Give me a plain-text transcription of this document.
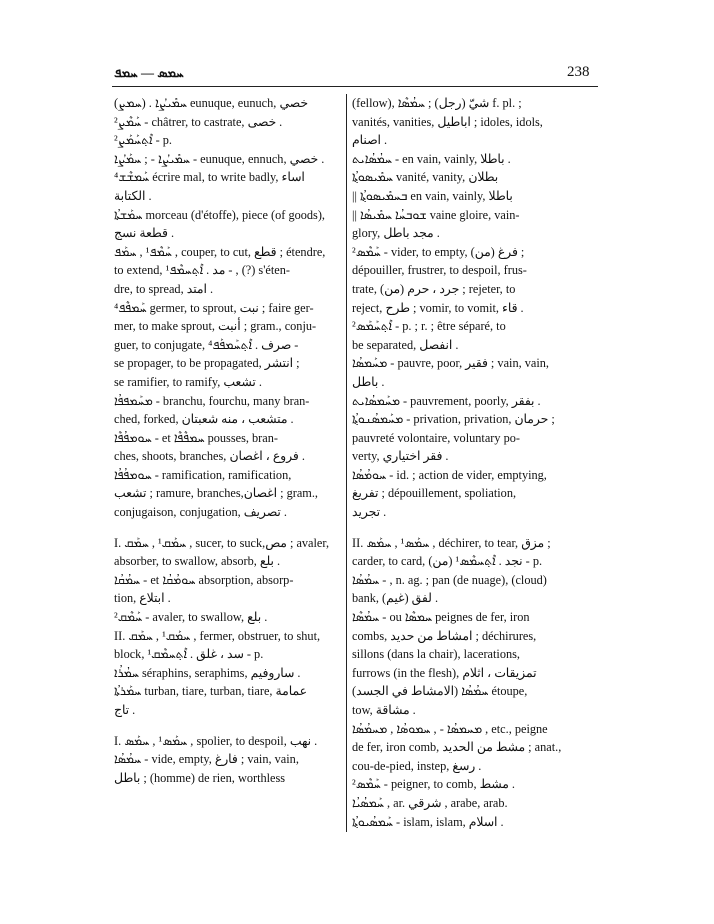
ܚܡܣ — ܚܡܦ	238
(ܚܡܨ) . ܚܡܺܝܨܳܐ eunuque, eunuch, خصي
ܚܰܡܶܨ² - châtrer, to castrate, خصى .
ܐܶܬ݂ܚܰܡܰܨ² - p.
ܚܡܺܝܨܳܐ - ; ܚܡܰܨܳܐ - eunuque, ennuch, خصي .
ܚܰܡܫܶܫ⁴ écrire mal, to write badly, اساء
الكتابة .
ܚܡܰܫܬܳܐ morceau (d'étoffe), piece (of goods),
قطعة نسج .
ܚܰܡܶܦ¹ , ܚܡܰܦ , couper, to cut, قطع ; étendre,
to extend, مد . ܐܶܬ݂ܚܡܶܦ¹ - , (?) s'éten-
dre, to spread, امتد .
ܚܰܡܦܶܦ⁴ germer, to sprout, نبت ; faire ger-
mer, to make sprout, أنبت ; gram., conju-
guer, to conjugate, صرف . ܐܶܬ݂ܚܰܡܦܰܦ⁴ -
se propager, to be propagated, انتشر ;
se ramifier, to ramify, تشعب .
ܡܚܰܡܦܦܳܐ - branchu, fourchu, many bran-
ched, forked, متشعب ، منه شعبتان .
ܚܘܡܦܳܦܶܐ - et ܚܡܦܶܦܶܐ pousses, bran-
ches, shoots, branches, فروع ، اغصان .
ܚܘܡܦܳܦܳܐ - ramification, ramification,
تشعب ; ramure, branches,اغصان ; gram.,
conjugaison, conjugation, تصريف .
I. ܚܡܰܩ¹ , ܚܡܰܩ , sucer, to suck,مص ; avaler,
absorber, to swallow, absorb, بلع .
ܚܡܳܩܳܐ - et ܚܘܡܳܩܳܐ absorption, absorp-
tion, ابتلاع .
ܚܰܡܶܩ² - avaler, to swallow, بلع .
II. ܚܡܰܩ¹ , ܚܡܰܩ , fermer, obstruer, to shut,
block, سد ، غلق . ܐܶܬ݂ܚܡܶܩ¹ - p.
ܚܡܳܪܳܐ séraphins, seraphims, ساروفيم .
ܚܡܰܪܬܳܐ turban, tiare, turban, tiare, عمامة
تاج .
I. ܚܡܰܣ¹ , ܚܡܰܣ , spolier, to despoil, نهب .
ܚܡܳܣܳܐ - vide, empty, فارغ ; vain, vain,
باطل ; (homme) de rien, worthless
(fellow), شيّ (رجل) ; ܚܡܳܣܶܐ f. pl. ;
vanités, vanities, اباطيل ; idoles, idols,
اصنام .
ܚܡܳܣܳܐܝܬ - en vain, vainly, باطلا .
ܚܡܺܝܣܘܬ݂ܳܐ vanité, vanity, بطلان
|| ܒܚܡܺܝܣܘܬ݂ܳܐ en vain, vainly, باطلا
|| ܫܘܒܚܳܐ ܚܡܺܝܣܳܐ vaine gloire, vain-
glory, مجد باطل .
ܚܰܡܶܣ² - vider, to empty, (من) فرغ ;
dépouiller, frustrer, to despoil, frus-
trate, (من) جرد ، حرم ; rejeter, to
reject, طرح ; vomir, to vomit, قاء .
ܐܶܬ݂ܚܰܡܰܣ² - p. ; r. ; être séparé, to
be separated, انفصل .
ܡܚܰܡܣܳܐ - pauvre, poor, فقير ; vain, vain,
باطل .
ܡܚܰܡܣܳܐܝܬ - pauvrement, poorly, بفقر .
ܡܚܰܡܣܳܢܘܬ݂ܳܐ - privation, privation, حرمان ;
pauvreté volontaire, voluntary po-
verty, فقر اختياري .
ܚܘܡܳܣܳܐ - id. ; action de vider, emptying,
تفريغ ; dépouillement, spoliation,
تجريد .
II. ܚܡܰܣ¹ , ܚܡܰܣ , déchirer, to tear, مزق ;
carder, to card, (من) نجد . ܐܶܬ݂ܚܡܶܣ¹ - p.
ܚܡܳܣܳܐ - , n. ag. ; pan (de nuage), (cloud)
bank, (غيم) لفق .
ܚܡܳܣܶܐ - ou ܚܡܣܶܐ peignes de fer, iron
combs, امشاط من حديد ; déchirures,
sillons (dans la chair), lacerations,
furrows (in the flesh), تمزيقات ، اثلام
(الامشاط في الجسد) ܚܡܳܣܳܐ étoupe,
tow, مشاقة .
ܡܚܡܣܳܐ - , ܚܡܘܣܳܐ , ܡܚܡܳܣܳܐ , etc., peigne
de fer, iron comb, مشط من الحديد ; anat.,
cou-de-pied, instep, رسغ .
ܚܰܡܶܣ² - peigner, to comb, مشط .
ܚܰܡܣܳܝܳܐ , ar. شرقي , arabe, arab.
ܚܰܡܣܳܝܘܬ݂ܳܐ - islam, islam, اسلام .
